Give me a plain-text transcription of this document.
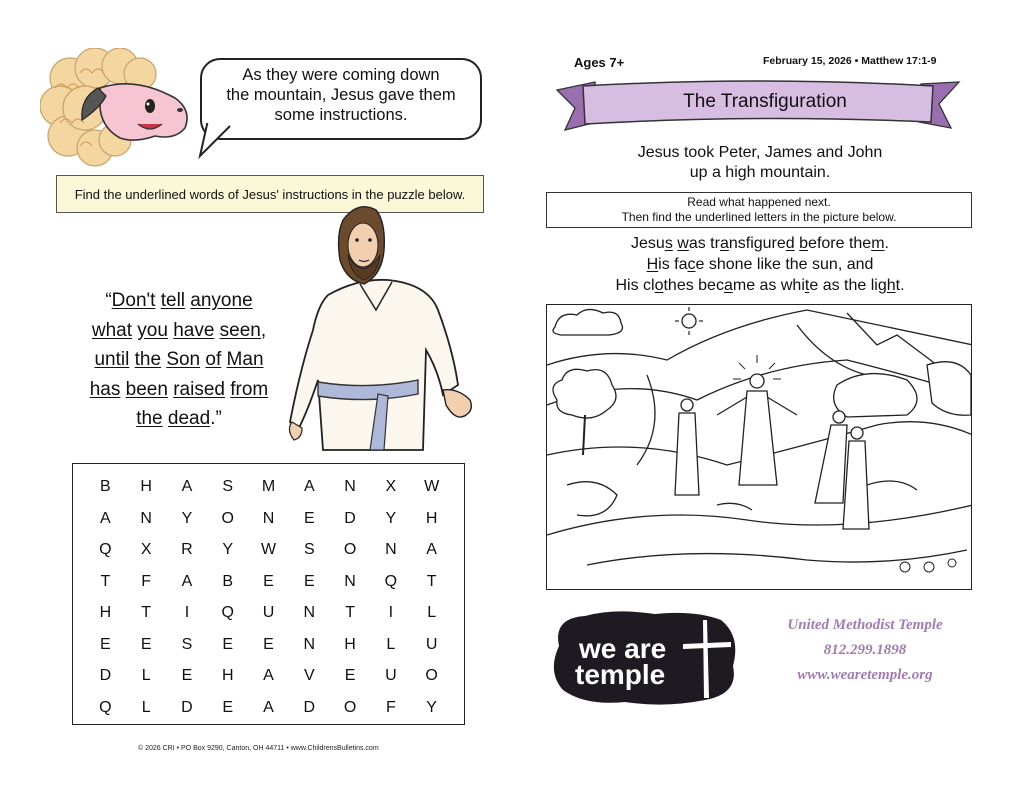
As they were coming down
the mountain, Jesus gave them
some instructions.
Find the underlined words of Jesus' instructions in the puzzle below.
“Don't tell anyone
what you have seen,
until the Son of Man
has been raised from
the dead.”
B	H	A	S	M	A	N	X	W
A	N	Y	O	N	E	D	Y	H
Q	X	R	Y	W	S	O	N	A
T	F	A	B	E	E	N	Q	T
H	T	I	Q	U	N	T	I	L
E	E	S	E	E	N	H	L	U
D	L	E	H	A	V	E	U	O
Q	L	D	E	A	D	O	F	Y
© 2026 CRI • PO Box 9290, Canton, OH 44711 • www.ChildrensBulletins.com
Ages 7+	February 15, 2026 • Matthew 17:1-9
The Transfiguration
Jesus took Peter, James and John
up a high mountain.
Read what happened next.
Then find the underlined letters in the picture below.
Jesus was transfigured before them.
His face shone like the sun, and
His clothes became as white as the light.
we are
temple
United Methodist Temple
812.299.1898
www.wearetemple.org
